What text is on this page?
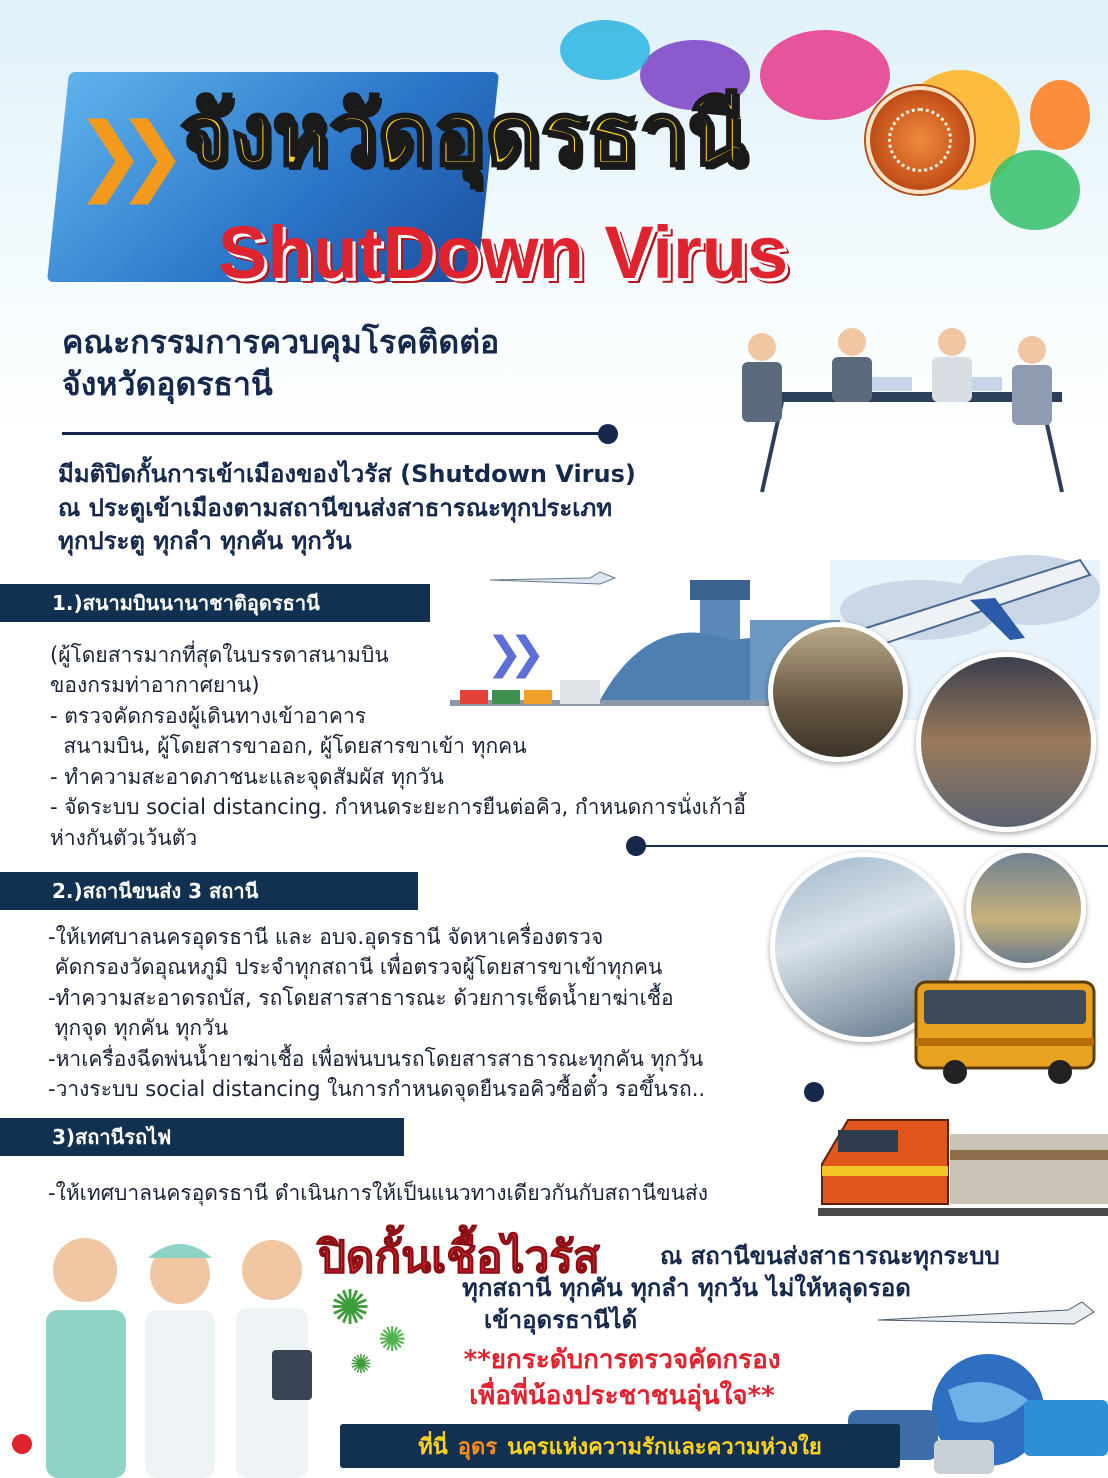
❯❯ จังหวัดอุดรธานี
ShutDown Virus
คณะกรรมการควบคุมโรคติดต่อ
จังหวัดอุดรธานี
มีมติปิดกั้นการเข้าเมืองของไวรัส (Shutdown Virus)
ณ ประตูเข้าเมืองตามสถานีขนส่งสาธารณะทุกประเภท
ทุกประตู ทุกลำ ทุกคัน ทุกวัน
1.)สนามบินนานาชาติอุดรธานี
❯❯
(ผู้โดยสารมากที่สุดในบรรดาสนามบิน
ของกรมท่าอากาศยาน)
- ตรวจคัดกรองผู้เดินทางเข้าอาคาร
สนามบิน, ผู้โดยสารขาออก, ผู้โดยสารขาเข้า ทุกคน
- ทำความสะอาดภาชนะและจุดสัมผัส ทุกวัน
- จัดระบบ social distancing. กำหนดระยะการยืนต่อคิว, กำหนดการนั่งเก้าอี้
ห่างกันตัวเว้นตัว
2.)สถานีขนส่ง 3 สถานี
-ให้เทศบาลนครอุดรธานี และ อบจ.อุดรธานี จัดหาเครื่องตรวจ
คัดกรองวัดอุณหภูมิ ประจำทุกสถานี เพื่อตรวจผู้โดยสารขาเข้าทุกคน
-ทำความสะอาดรถบัส, รถโดยสารสาธารณะ ด้วยการเช็ดน้ำยาฆ่าเชื้อ
ทุกจุด ทุกคัน ทุกวัน
-หาเครื่องฉีดพ่นน้ำยาฆ่าเชื้อ เพื่อพ่นบนรถโดยสารสาธารณะทุกคัน ทุกวัน
-วางระบบ social distancing ในการกำหนดจุดยืนรอคิวซื้อตั๋ว รอขึ้นรถ..
3)สถานีรถไฟ
-ให้เทศบาลนครอุดรธานี ดำเนินการให้เป็นแนวทางเดียวกันกับสถานีขนส่ง
✺
✺
✺
ปิดกั้นเชื้อไวรัส	ณ สถานีขนส่งสาธารณะทุกระบบ
ทุกสถานี ทุกคัน ทุกลำ ทุกวัน ไม่ให้หลุดรอด
เข้าอุดรธานีได้
**ยกระดับการตรวจคัดกรอง
เพื่อพี่น้องประชาชนอุ่นใจ**
ที่นี่ อุดร นครแห่ง ความรักและความห่วงใย
